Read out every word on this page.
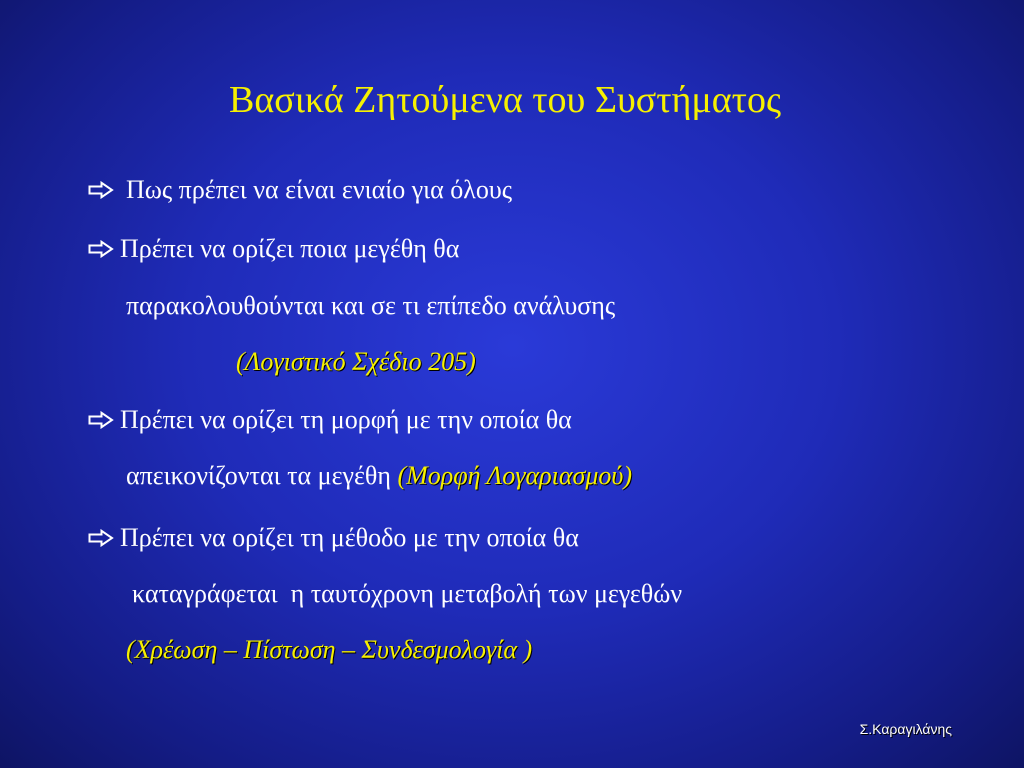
Βασικά Ζητούμενα του Συστήματος
Πως πρέπει να είναι ενιαίο για όλους
Πρέπει να ορίζει ποια μεγέθη θα
παρακολουθούνται και σε τι επίπεδο ανάλυσης
(Λογιστικό Σχέδιο 205)
Πρέπει να ορίζει τη μορφή με την οποία θα
απεικονίζονται τα μεγέθη (Μορφή Λογαριασμού)
Πρέπει να ορίζει τη μέθοδο με την οποία θα
καταγράφεται  η ταυτόχρονη μεταβολή των μεγεθών
(Χρέωση – Πίστωση – Συνδεσμολογία )
Σ.Καραγιλάνης
